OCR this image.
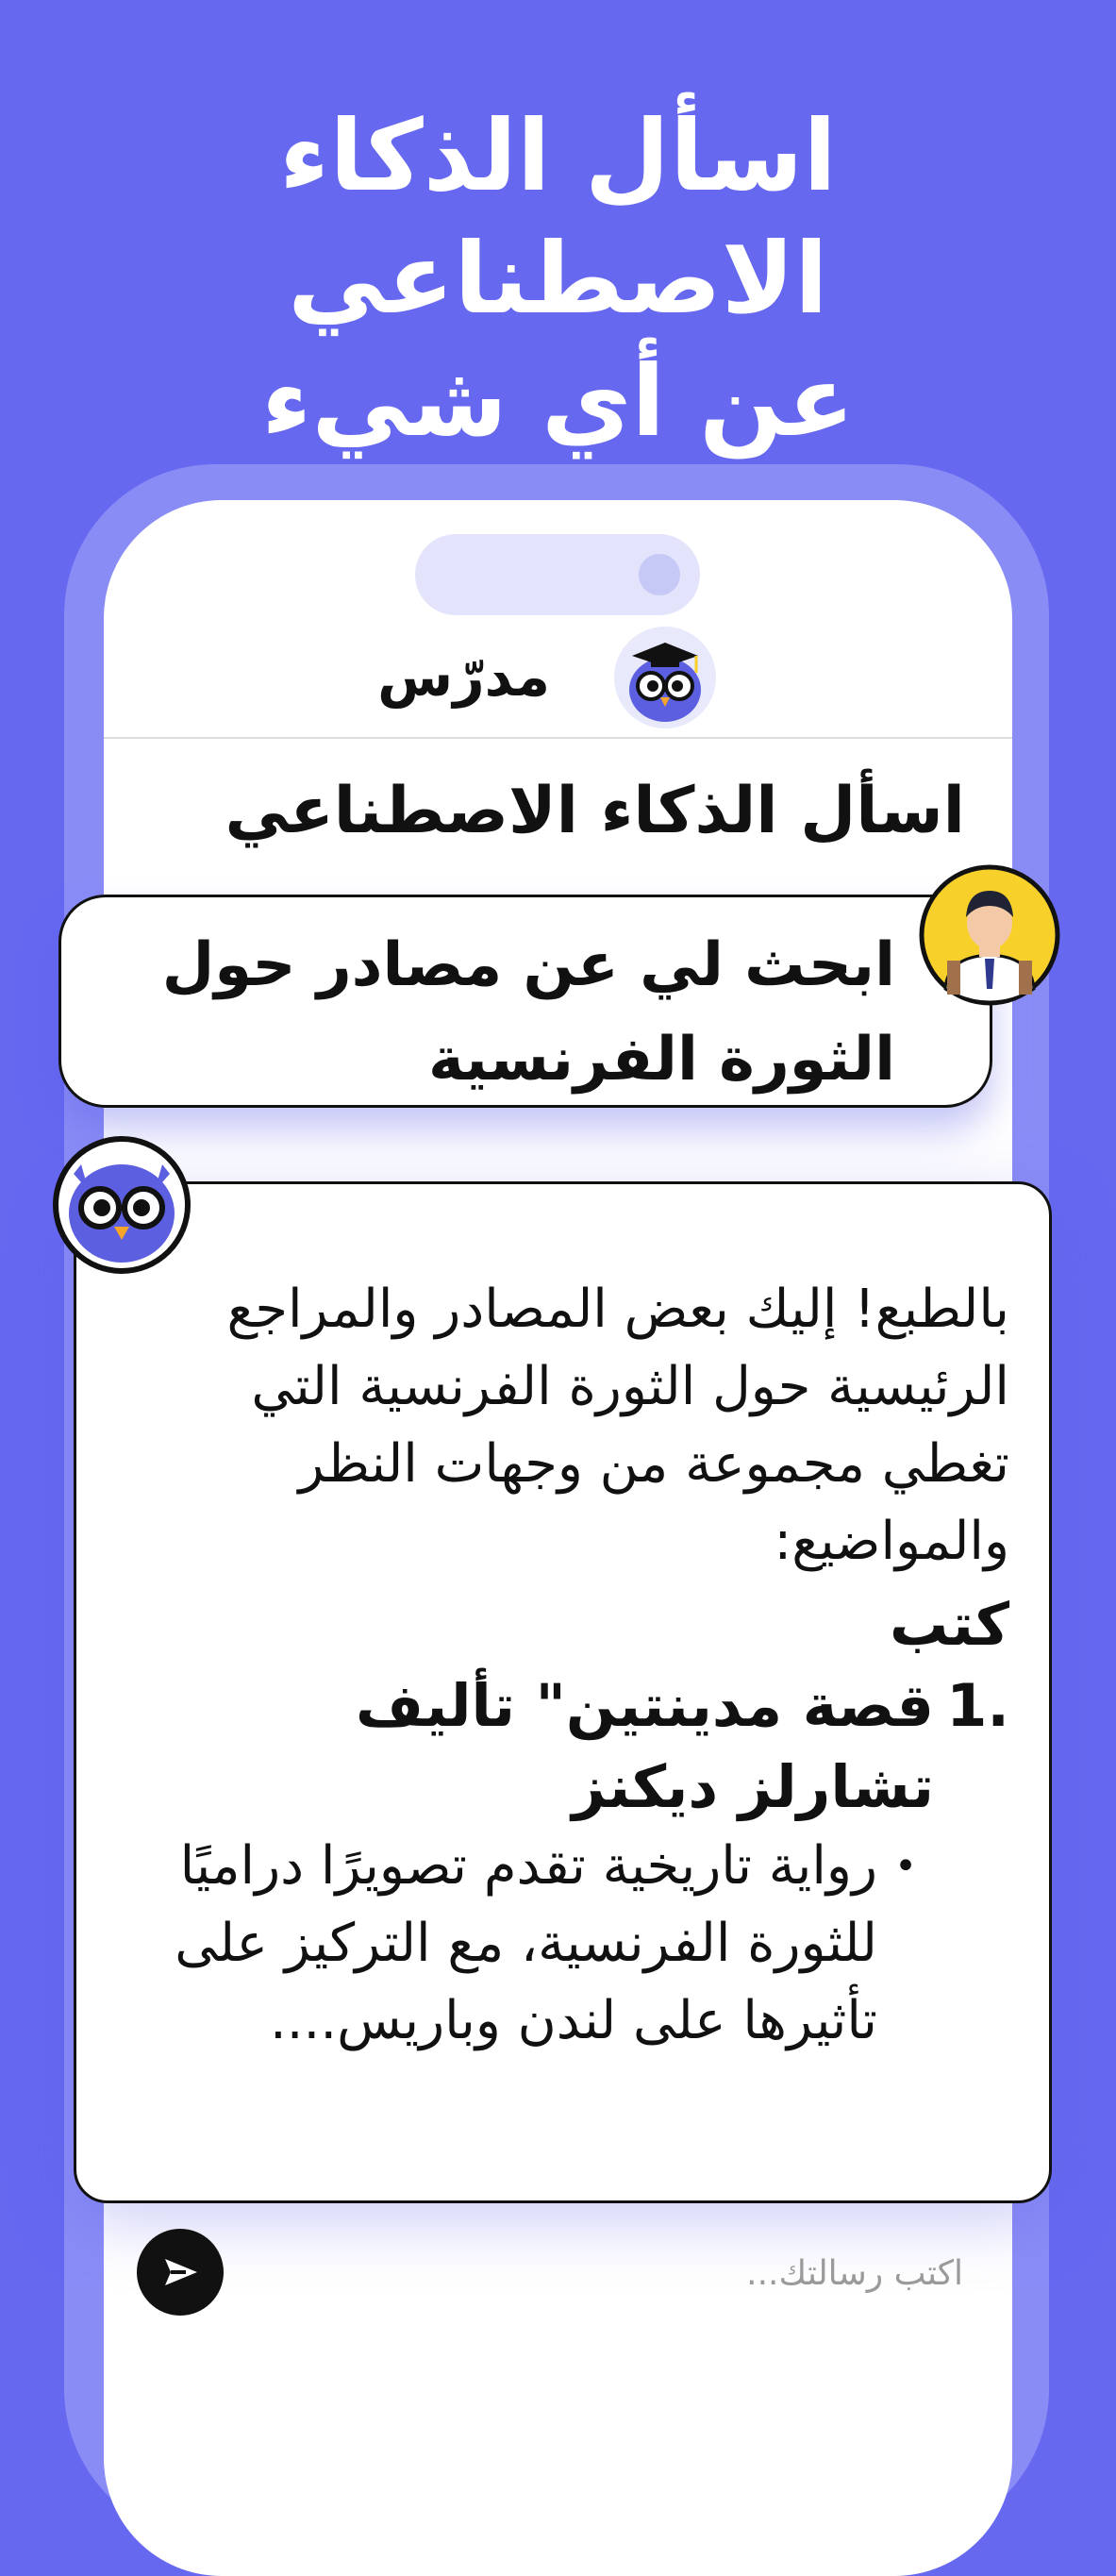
اسأل الذكاء الاصطناعي
عن أي شيء
مدرّس
اسأل الذكاء الاصطناعي
ابحث لي عن مصادر حول
الثورة الفرنسية

بالطبع! إليك بعض المصادر والمراجع الرئيسية حول الثورة الفرنسية التي تغطي مجموعة من وجهات النظر والمواضيع:

كتب

1.
قصة مدينتين" تأليف تشارلز ديكنز
•
رواية تاريخية تقدم تصويرًا دراميًا للثورة الفرنسية، مع التركيز على تأثيرها على لندن وباريس....
اكتب رسالتك...
